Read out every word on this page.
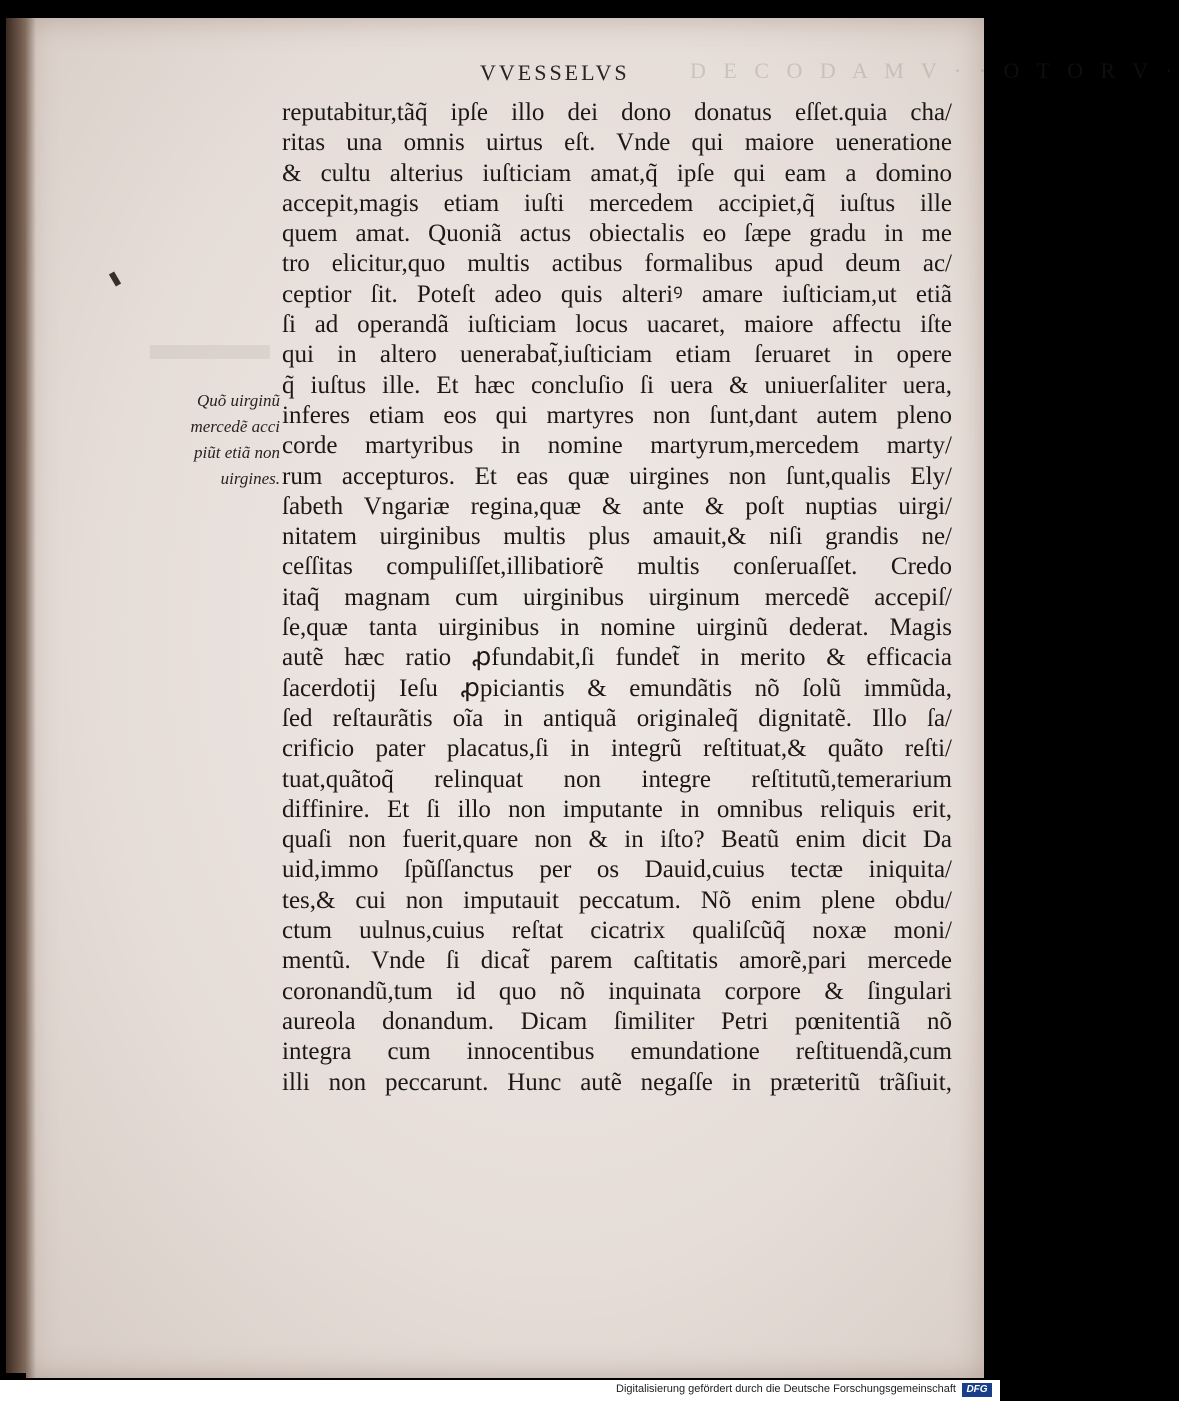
D E C O D A M V · · O T O R V ·
VVESSELVS
Quõ uirginũ
mercedẽ acci
piũt etiã non
uirgines.
reputabitur,tãq̃ ipſe illo dei dono donatus eſſet.quia cha/
ritas una omnis uirtus eſt. Vnde qui maiore ueneratione
& cultu alterius iuſticiam amat,q̃ ipſe qui eam a domino
accepit,magis etiam iuſti mercedem accipiet,q̃ iuſtus ille
quem amat. Quoniã actus obiectalis eo ſæpe gradu in me
tro elicitur,quo multis actibus formalibus apud deum ac/
ceptior ſit. Poteſt adeo quis alteriꝰ amare iuſticiam,ut etiã
ſi ad operandã iuſticiam locus uacaret, maiore affectu iſte
qui in altero uenerabat̃,iuſticiam etiam ſeruaret in opere
q̃ iuſtus ille. Et hæc concluſio ſi uera & uniuerſaliter uera,
inferes etiam eos qui martyres non ſunt,dant autem pleno
corde martyribus in nomine martyrum,mercedem marty/
rum accepturos. Et eas quæ uirgines non ſunt,qualis Ely/
ſabeth Vngariæ regina,quæ & ante & poſt nuptias uirgi/
nitatem uirginibus multis plus amauit,& niſi grandis ne/
ceſſitas compuliſſet,illibatiorẽ multis conſeruaſſet. Credo
itaq̃ magnam cum uirginibus uirginum mercedẽ accepiſ/
ſe,quæ tanta uirginibus in nomine uirginũ dederat. Magis
autẽ hæc ratio ꝓfundabit,ſi fundet̃ in merito & efficacia
ſacerdotij Ieſu ꝓpiciantis & emundãtis nõ ſolũ immũda,
ſed reſtaurãtis oĩa in antiquã originaleq̃ dignitatẽ. Illo ſa/
crificio pater placatus,ſi in integrũ reſtituat,& quãto reſti/
tuat,quãtoq̃ relinquat non integre reſtitutũ,temerarium
diffinire. Et ſi illo non imputante in omnibus reliquis erit,
quaſi non fuerit,quare non & in iſto? Beatũ enim dicit Da
uid,immo ſpũſſanctus per os Dauid,cuius tectæ iniquita/
tes,& cui non imputauit peccatum. Nõ enim plene obdu/
ctum uulnus,cuius reſtat cicatrix qualiſcũq̃ noxæ moni/
mentũ. Vnde ſi dicat̃ parem caſtitatis amorẽ,pari mercede
coronandũ,tum id quo nõ inquinata corpore & ſingulari
aureola donandum. Dicam ſimiliter Petri pœnitentiã nõ
integra cum innocentibus emundatione reſtituendã,cum
illi non peccarunt. Hunc autẽ negaſſe in præteritũ trãſiuit,
Digitalisierung gefördert durch die Deutsche Forschungsgemeinschaft	DFG
